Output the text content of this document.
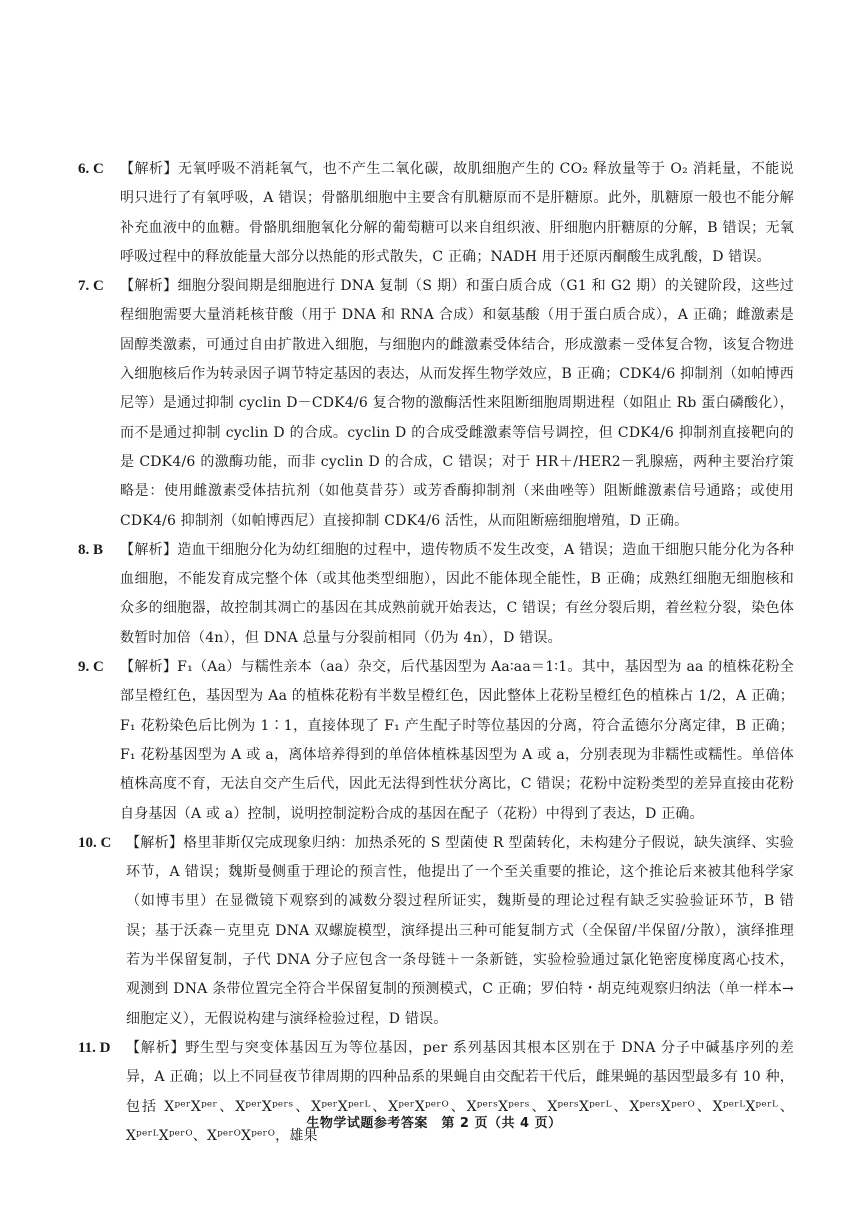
6. C 【解析】无氧呼吸不消耗氧气，也不产生二氧化碳，故肌细胞产生的 CO₂ 释放量等于 O₂ 消耗量，不能说明只进行了有氧呼吸，A 错误；骨骼肌细胞中主要含有肌糖原而不是肝糖原。此外，肌糖原一般也不能分解补充血液中的血糖。骨骼肌细胞氧化分解的葡萄糖可以来自组织液、肝细胞内肝糖原的分解，B 错误；无氧呼吸过程中的释放能量大部分以热能的形式散失，C 正确；NADH 用于还原丙酮酸生成乳酸，D 错误。
7. C 【解析】细胞分裂间期是细胞进行 DNA 复制（S 期）和蛋白质合成（G1 和 G2 期）的关键阶段，这些过程细胞需要大量消耗核苷酸（用于 DNA 和 RNA 合成）和氨基酸（用于蛋白质合成），A 正确；雌激素是固醇类激素，可通过自由扩散进入细胞，与细胞内的雌激素受体结合，形成激素－受体复合物，该复合物进入细胞核后作为转录因子调节特定基因的表达，从而发挥生物学效应，B 正确；CDK4/6 抑制剂（如帕博西尼等）是通过抑制 cyclin D－CDK4/6 复合物的激酶活性来阻断细胞周期进程（如阻止 Rb 蛋白磷酸化），而不是通过抑制 cyclin D 的合成。cyclin D 的合成受雌激素等信号调控，但 CDK4/6 抑制剂直接靶向的是 CDK4/6 的激酶功能，而非 cyclin D 的合成，C 错误；对于 HR＋/HER2－乳腺癌，两种主要治疗策略是：使用雌激素受体拮抗剂（如他莫昔芬）或芳香酶抑制剂（来曲唑等）阻断雌激素信号通路；或使用 CDK4/6 抑制剂（如帕博西尼）直接抑制 CDK4/6 活性，从而阻断癌细胞增殖，D 正确。
8. B 【解析】造血干细胞分化为幼红细胞的过程中，遗传物质不发生改变，A 错误；造血干细胞只能分化为各种血细胞，不能发育成完整个体（或其他类型细胞），因此不能体现全能性，B 正确；成熟红细胞无细胞核和众多的细胞器，故控制其凋亡的基因在其成熟前就开始表达，C 错误；有丝分裂后期，着丝粒分裂，染色体数暂时加倍（4n），但 DNA 总量与分裂前相同（仍为 4n），D 错误。
9. C 【解析】F₁（Aa）与糯性亲本（aa）杂交，后代基因型为 Aa∶aa＝1∶1。其中，基因型为 aa 的植株花粉全部呈橙红色，基因型为 Aa 的植株花粉有半数呈橙红色，因此整体上花粉呈橙红色的植株占 1/2，A 正确；F₁ 花粉染色后比例为 1∶1，直接体现了 F₁ 产生配子时等位基因的分离，符合孟德尔分离定律，B 正确；F₁ 花粉基因型为 A 或 a，离体培养得到的单倍体植株基因型为 A 或 a，分别表现为非糯性或糯性。单倍体植株高度不育，无法自交产生后代，因此无法得到性状分离比，C 错误；花粉中淀粉类型的差异直接由花粉自身基因（A 或 a）控制，说明控制淀粉合成的基因在配子（花粉）中得到了表达，D 正确。
10. C 【解析】格里菲斯仅完成现象归纳：加热杀死的 S 型菌使 R 型菌转化，未构建分子假说，缺失演绎、实验环节，A 错误；魏斯曼侧重于理论的预言性，他提出了一个至关重要的推论，这个推论后来被其他科学家（如博韦里）在显微镜下观察到的减数分裂过程所证实，魏斯曼的理论过程有缺乏实验验证环节，B 错误；基于沃森－克里克 DNA 双螺旋模型，演绎提出三种可能复制方式（全保留/半保留/分散），演绎推理若为半保留复制，子代 DNA 分子应包含一条母链＋一条新链，实验检验通过氯化铯密度梯度离心技术，观测到 DNA 条带位置完全符合半保留复制的预测模式，C 正确；罗伯特・胡克纯观察归纳法（单一样本→细胞定义），无假说构建与演绎检验过程，D 错误。
11. D 【解析】野生型与突变体基因互为等位基因，per 系列基因其根本区别在于 DNA 分子中碱基序列的差异，A 正确；以上不同昼夜节律周期的四种品系的果蝇自由交配若干代后，雌果蝇的基因型最多有 10 种，包括 XᵖᵉʳXᵖᵉʳ、XᵖᵉʳXᵖᵉʳˢ、XᵖᵉʳXᵖᵉʳᴸ、XᵖᵉʳXᵖᵉʳᴼ、XᵖᵉʳˢXᵖᵉʳˢ、XᵖᵉʳˢXᵖᵉʳᴸ、XᵖᵉʳˢXᵖᵉʳᴼ、XᵖᵉʳᴸXᵖᵉʳᴸ、XᵖᵉʳᴸXᵖᵉʳᴼ、XᵖᵉʳᴼXᵖᵉʳᴼ，雄果
生物学试题参考答案　第 2 页（共 4 页）
